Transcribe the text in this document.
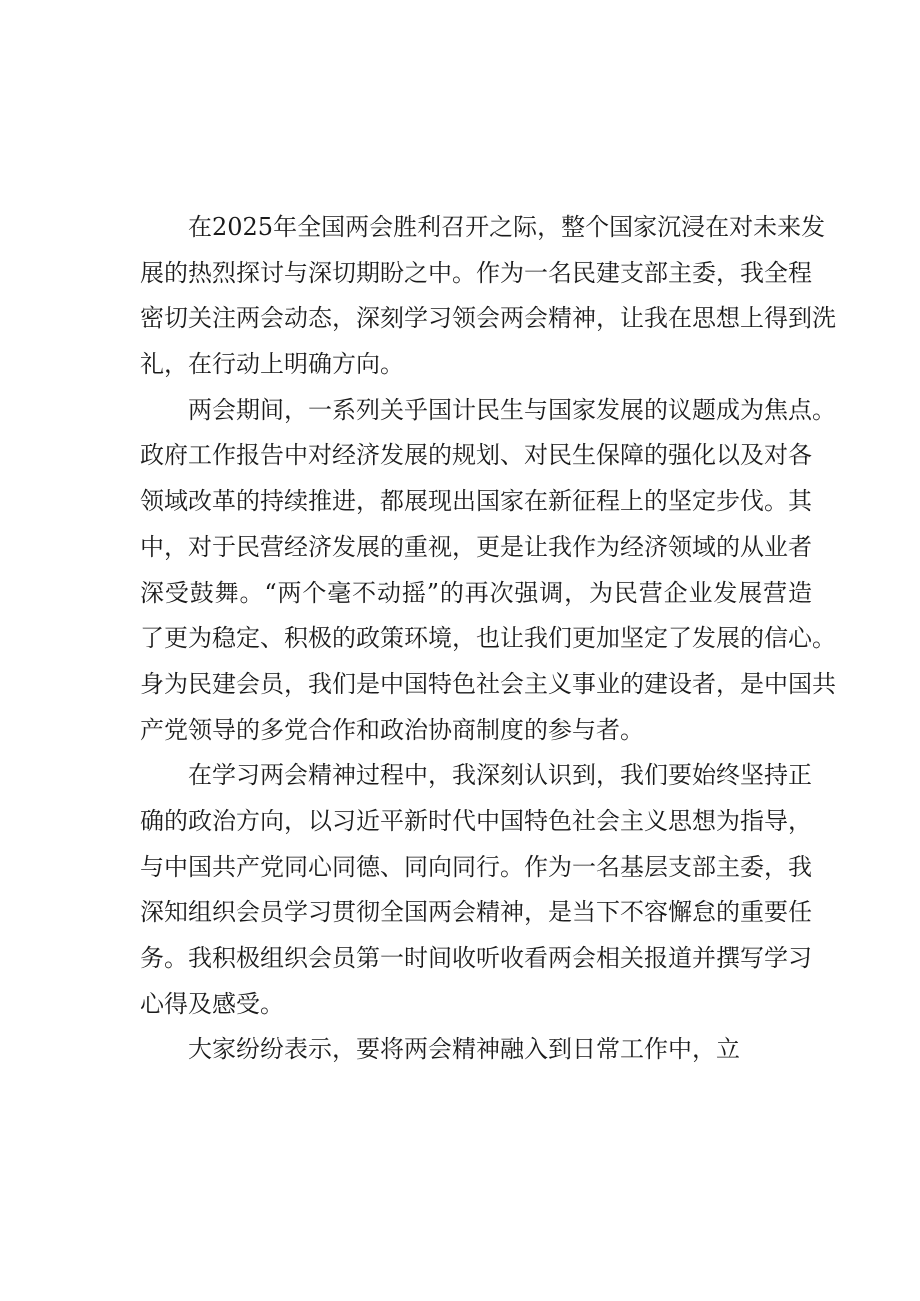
在2025年全国两会胜利召开之际，整个国家沉浸在对未来发
展的热烈探讨与深切期盼之中。作为一名民建支部主委，我全程
密切关注两会动态，深刻学习领会两会精神，让我在思想上得到洗
礼，在行动上明确方向。
两会期间，一系列关乎国计民生与国家发展的议题成为焦点。
政府工作报告中对经济发展的规划、对民生保障的强化以及对各
领域改革的持续推进，都展现出国家在新征程上的坚定步伐。其
中，对于民营经济发展的重视，更是让我作为经济领域的从业者
深受鼓舞。“两个毫不动摇”的再次强调，为民营企业发展营造
了更为稳定、积极的政策环境，也让我们更加坚定了发展的信心。
身为民建会员，我们是中国特色社会主义事业的建设者，是中国共
产党领导的多党合作和政治协商制度的参与者。
在学习两会精神过程中，我深刻认识到，我们要始终坚持正
确的政治方向，以习近平新时代中国特色社会主义思想为指导，
与中国共产党同心同德、同向同行。作为一名基层支部主委，我
深知组织会员学习贯彻全国两会精神，是当下不容懈怠的重要任
务。我积极组织会员第一时间收听收看两会相关报道并撰写学习
心得及感受。
大家纷纷表示，要将两会精神融入到日常工作中，立
